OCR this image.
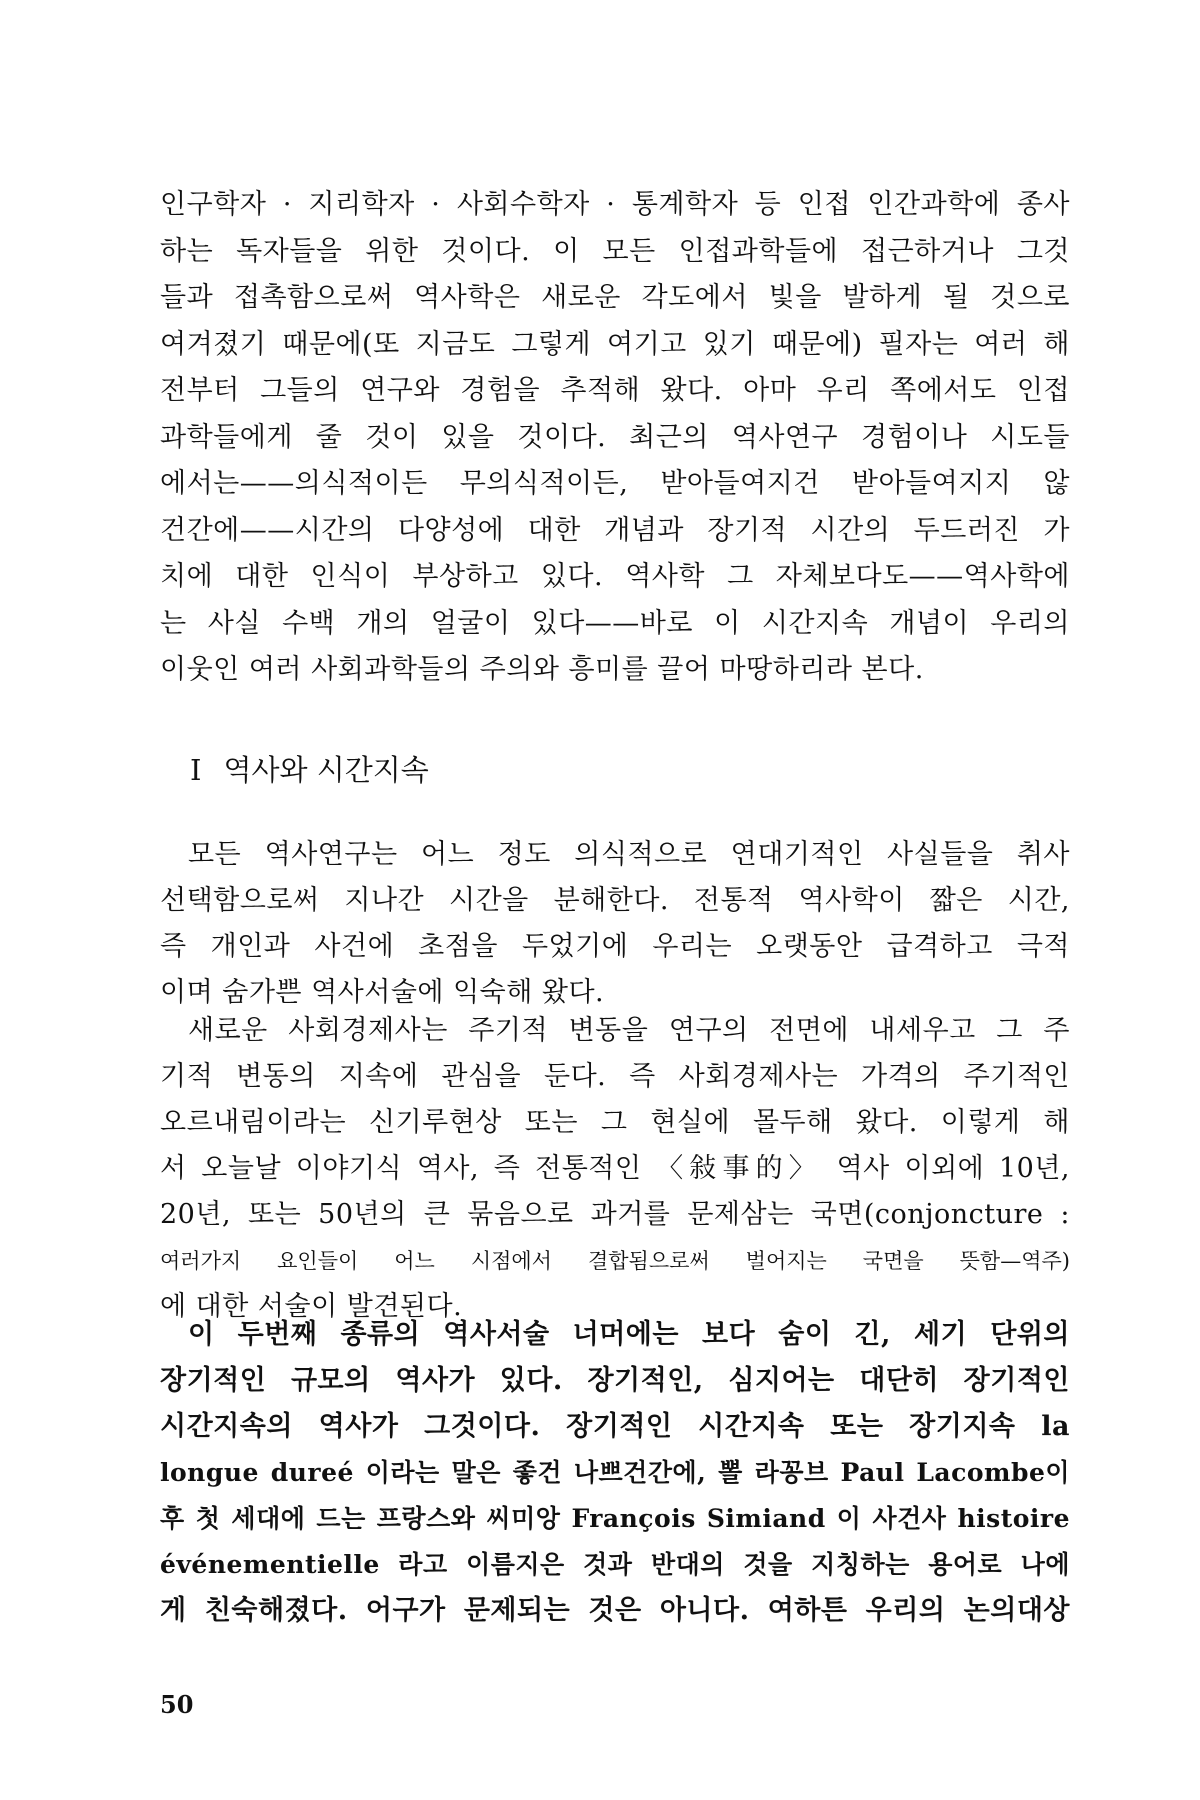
인구학자 · 지리학자 · 사회수학자 · 통계학자 등 인접 인간과학에 종사
하는 독자들을 위한 것이다. 이 모든 인접과학들에 접근하거나 그것
들과 접촉함으로써 역사학은 새로운 각도에서 빛을 발하게 될 것으로
여겨졌기 때문에(또 지금도 그렇게 여기고 있기 때문에) 필자는 여러 해
전부터 그들의 연구와 경험을 추적해 왔다. 아마 우리 쪽에서도 인접
과학들에게 줄 것이 있을 것이다. 최근의 역사연구 경험이나 시도들
에서는——의식적이든 무의식적이든, 받아들여지건 받아들여지지 않
건간에——시간의 다양성에 대한 개념과 장기적 시간의 두드러진 가
치에 대한 인식이 부상하고 있다. 역사학 그 자체보다도——역사학에
는 사실 수백 개의 얼굴이 있다——바로 이 시간지속 개념이 우리의
이웃인 여러 사회과학들의 주의와 흥미를 끌어 마땅하리라 본다.
I 역사와 시간지속
모든 역사연구는 어느 정도 의식적으로 연대기적인 사실들을 취사
선택함으로써 지나간 시간을 분해한다. 전통적 역사학이 짧은 시간,
즉 개인과 사건에 초점을 두었기에 우리는 오랫동안 급격하고 극적
이며 숨가쁜 역사서술에 익숙해 왔다.
새로운 사회경제사는 주기적 변동을 연구의 전면에 내세우고 그 주
기적 변동의 지속에 관심을 둔다. 즉 사회경제사는 가격의 주기적인
오르내림이라는 신기루현상 또는 그 현실에 몰두해 왔다. 이렇게 해
서 오늘날 이야기식 역사, 즉 전통적인 〈敍事的〉 역사 이외에 10년,
20년, 또는 50년의 큰 묶음으로 과거를 문제삼는 국면(conjoncture :
여러가지 요인들이 어느 시점에서 결합됨으로써 벌어지는 국면을 뜻함—역주)
에 대한 서술이 발견된다.
이 두번째 종류의 역사서술 너머에는 보다 숨이 긴, 세기 단위의
장기적인 규모의 역사가 있다. 장기적인, 심지어는 대단히 장기적인
시간지속의 역사가 그것이다. 장기적인 시간지속 또는 장기지속 la
longue dureé 이라는 말은 좋건 나쁘건간에, 뽈 라꽁브 Paul Lacombe이
후 첫 세대에 드는 프랑스와 씨미앙 François Simiand 이 사건사 histoire
événementielle 라고 이름지은 것과 반대의 것을 지칭하는 용어로 나에
게 친숙해졌다. 어구가 문제되는 것은 아니다. 여하튼 우리의 논의대상
50
